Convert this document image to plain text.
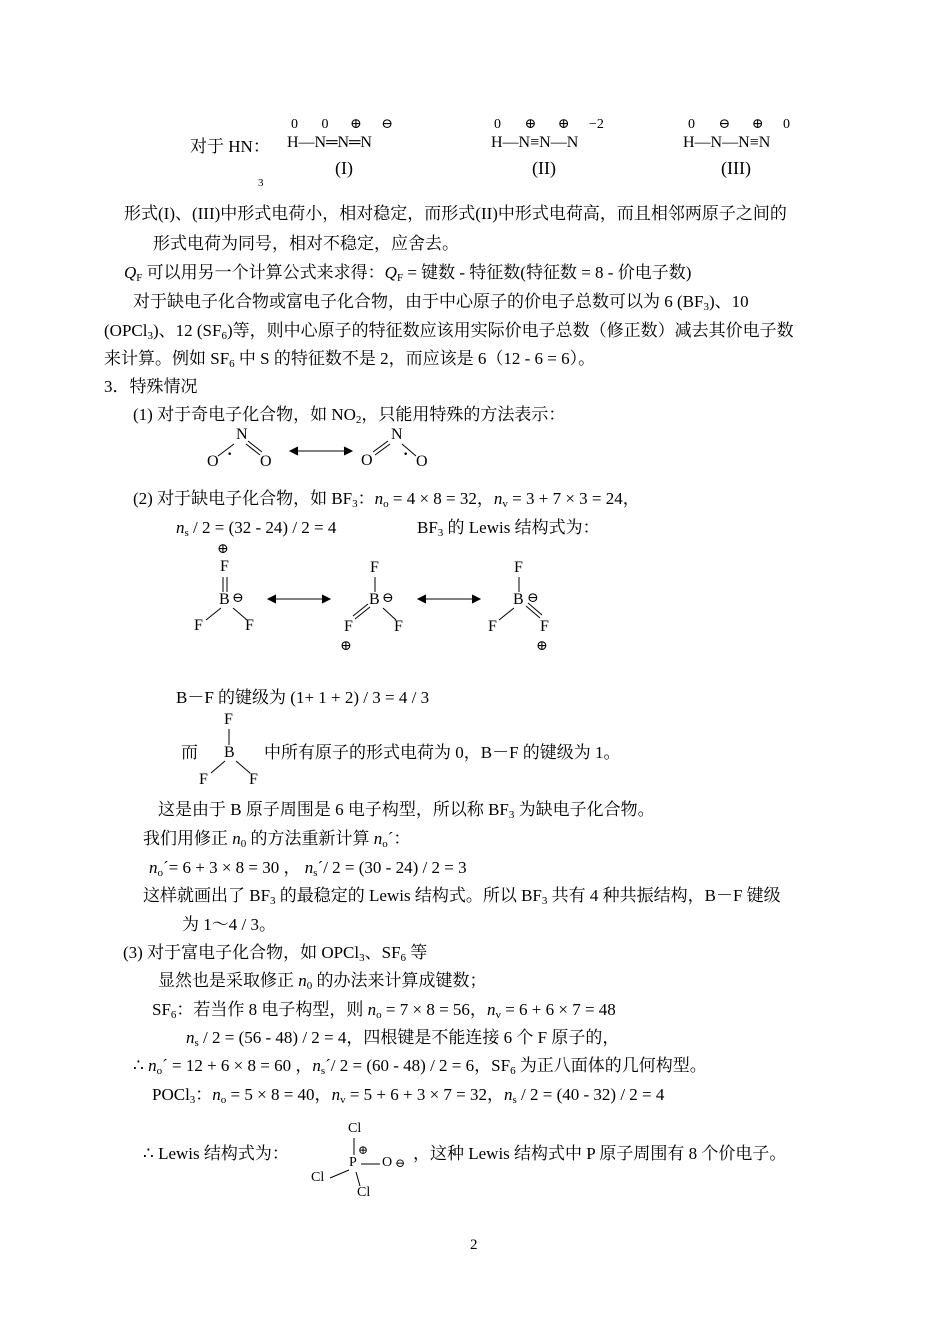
对于 HN：
3
0 0 ⊕ ⊖
H—N═N═N
(I)
0 ⊕ ⊕ −2
H—N≡N—N
(II)
0 ⊖ ⊕ 0
H—N—N≡N
(III)
形式(I)、(III)中形式电荷小，相对稳定，而形式(II)中形式电荷高，而且相邻两原子之间的
形式电荷为同号，相对不稳定，应舍去。
$Q_F$ 可以用另一个计算公式来求得：$Q_F$ = 键数 - 特征数(特征数 = 8 - 价电子数)
对于缺电子化合物或富电子化合物，由于中心原子的价电子总数可以为 6 $(BF_3)$、10
(OPCl$_3$)、12 $(SF_6)$等，则中心原子的特征数应该用实际价电子总数（修正数）减去其价电子数
来计算。例如 $SF_6$ 中 S 的特征数不是 2，而应该是 6（12 - 6 = 6）。
3．特殊情况
(1) 对于奇电子化合物，如 $NO_2$，只能用特殊的方法表示：
N
O · O
N
O · O
(2) 对于缺电子化合物，如 $BF_3$：$n_o = 4 \times 8 = 32$，$n_v = 3 + 7 \times 3 = 24$，
$n_s / 2 = (32 - 24) / 2 = 4$	$BF_3$ 的 Lewis 结构式为：
⊕
F
B ⊖
F	F
F
B ⊖
F	F
⊕
F
B ⊖
F	F
⊕
B－F 的键级为 (1+ 1 + 2) / 3 = 4 / 3
而
F
B
F	F
中所有原子的形式电荷为 0，B－F 的键级为 1。
这是由于 B 原子周围是 6 电子构型，所以称 $BF_3$ 为缺电子化合物。
我们用修正 $n_0$ 的方法重新计算 $n_o´$：
$n_o´= 6 + 3 \times 8 = 30$ ， $n_s´/$ 2 = (30 - 24) / 2 = 3
这样就画出了 $BF_3$ 的最稳定的 Lewis 结构式。所以 $BF_3$ 共有 4 种共振结构，B－F 键级
为 1～4 / 3。
(3) 对于富电子化合物，如 OPCl$_3$、$SF_6$ 等
显然也是采取修正 $n_0$ 的办法来计算成键数；
$SF_6$：若当作 8 电子构型，则 $n_o = 7 \times 8 = 56$，$n_v = 6 + 6 \times 7 = 48$
$n_s / 2 = (56 - 48) / 2 = 4$，四根键是不能连接 6 个 F 原子的，
∴ $n_o´ = 12 + 6 \times 8 = 60$ ，$n_s´/$ 2 = (60 - 48) / 2 = 6，$SF_6$ 为正八面体的几何构型。
POCl$_3$：$n_o = 5 \times 8 = 40$，$n_v = 5 + 6 + 3 \times 7 = 32$，$n_s / 2 = (40 - 32) / 2 = 4$
∴ Lewis 结构式为：
Cl
⊕
P O ⊖
Cl
Cl
，这种 Lewis 结构式中 P 原子周围有 8 个价电子。
2
